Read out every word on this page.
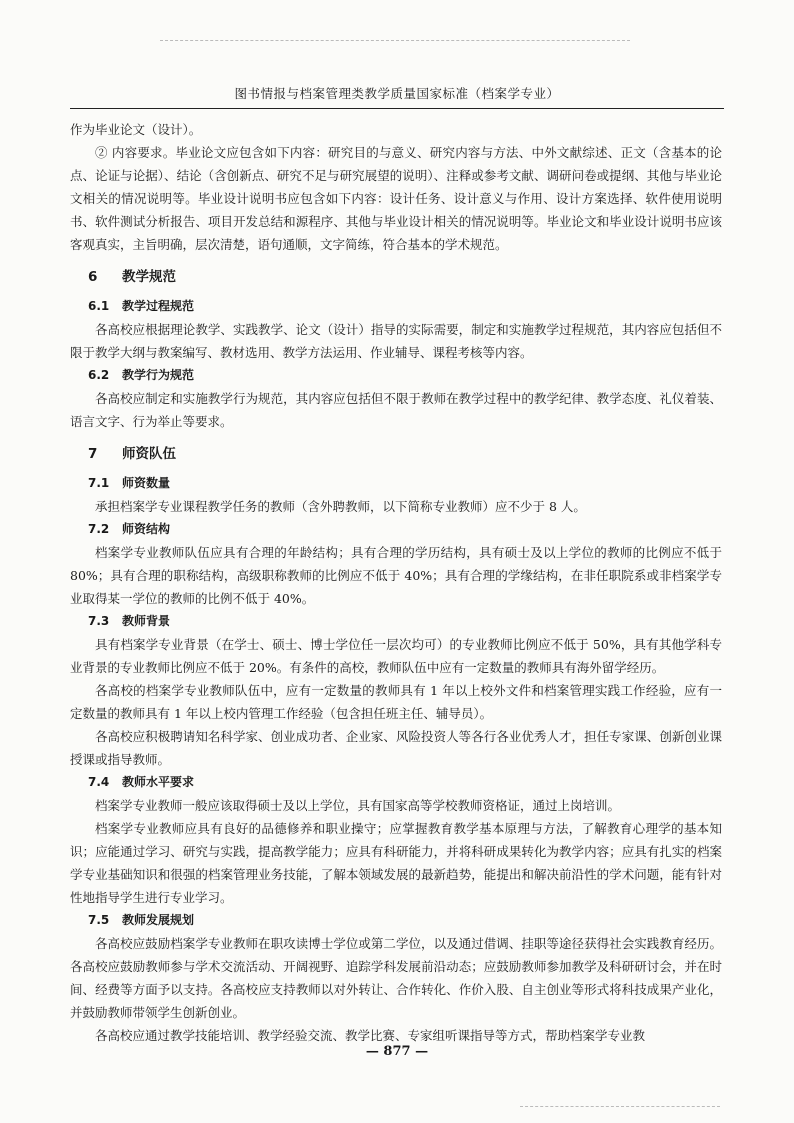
图书情报与档案管理类教学质量国家标准（档案学专业）

作为毕业论文（设计）。

② 内容要求。毕业论文应包含如下内容：研究目的与意义、研究内容与方法、中外文献综述、正文（含基本的论点、论证与论据）、结论（含创新点、研究不足与研究展望的说明）、注释或参考文献、调研问卷或提纲、其他与毕业论文相关的情况说明等。毕业设计说明书应包含如下内容：设计任务、设计意义与作用、设计方案选择、软件使用说明书、软件测试分析报告、项目开发总结和源程序、其他与毕业设计相关的情况说明等。毕业论文和毕业设计说明书应该客观真实，主旨明确，层次清楚，语句通顺，文字简练，符合基本的学术规范。

6 教学规范

6.1 教学过程规范

各高校应根据理论教学、实践教学、论文（设计）指导的实际需要，制定和实施教学过程规范，其内容应包括但不限于教学大纲与教案编写、教材选用、教学方法运用、作业辅导、课程考核等内容。

6.2 教学行为规范

各高校应制定和实施教学行为规范，其内容应包括但不限于教师在教学过程中的教学纪律、教学态度、礼仪着装、语言文字、行为举止等要求。

7 师资队伍

7.1 师资数量

承担档案学专业课程教学任务的教师（含外聘教师，以下简称专业教师）应不少于 8 人。

7.2 师资结构

档案学专业教师队伍应具有合理的年龄结构；具有合理的学历结构，具有硕士及以上学位的教师的比例应不低于 80%；具有合理的职称结构，高级职称教师的比例应不低于 40%；具有合理的学缘结构，在非任职院系或非档案学专业取得某一学位的教师的比例不低于 40%。

7.3 教师背景

具有档案学专业背景（在学士、硕士、博士学位任一层次均可）的专业教师比例应不低于 50%，具有其他学科专业背景的专业教师比例应不低于 20%。有条件的高校，教师队伍中应有一定数量的教师具有海外留学经历。

各高校的档案学专业教师队伍中，应有一定数量的教师具有 1 年以上校外文件和档案管理实践工作经验，应有一定数量的教师具有 1 年以上校内管理工作经验（包含担任班主任、辅导员）。

各高校应积极聘请知名科学家、创业成功者、企业家、风险投资人等各行各业优秀人才，担任专家课、创新创业课授课或指导教师。

7.4 教师水平要求

档案学专业教师一般应该取得硕士及以上学位，具有国家高等学校教师资格证，通过上岗培训。

档案学专业教师应具有良好的品德修养和职业操守；应掌握教育教学基本原理与方法，了解教育心理学的基本知识；应能通过学习、研究与实践，提高教学能力；应具有科研能力，并将科研成果转化为教学内容；应具有扎实的档案学专业基础知识和很强的档案管理业务技能，了解本领域发展的最新趋势，能提出和解决前沿性的学术问题，能有针对性地指导学生进行专业学习。

7.5 教师发展规划

各高校应鼓励档案学专业教师在职攻读博士学位或第二学位，以及通过借调、挂职等途径获得社会实践教育经历。各高校应鼓励教师参与学术交流活动、开阔视野、追踪学科发展前沿动态；应鼓励教师参加教学及科研研讨会，并在时间、经费等方面予以支持。各高校应支持教师以对外转让、合作转化、作价入股、自主创业等形式将科技成果产业化，并鼓励教师带领学生创新创业。

各高校应通过教学技能培训、教学经验交流、教学比赛、专家组听课指导等方式，帮助档案学专业教

— 877 —
